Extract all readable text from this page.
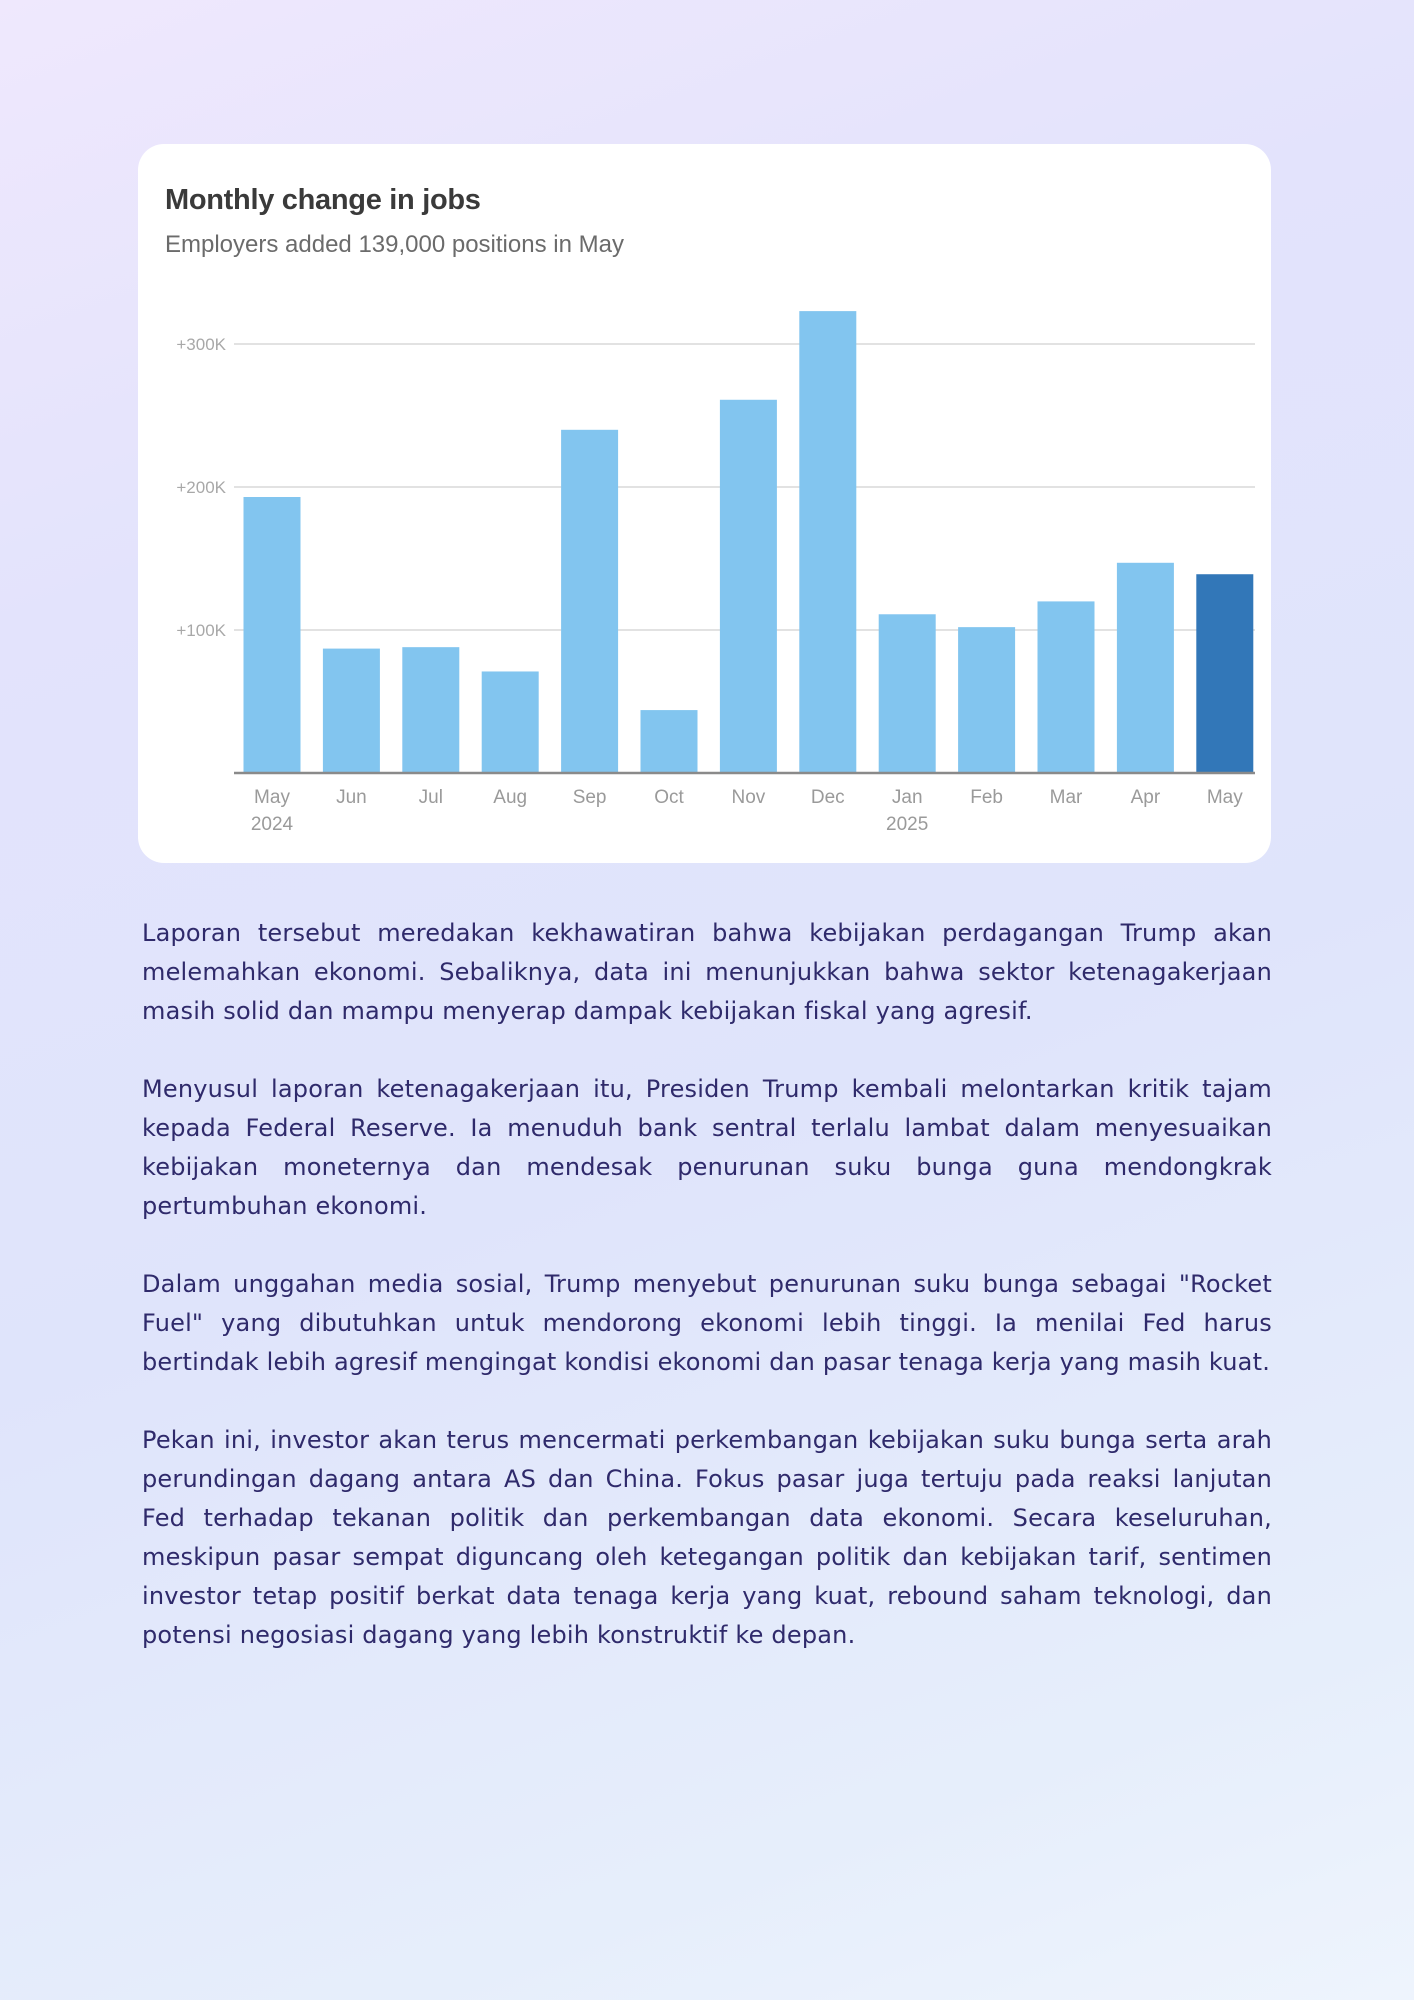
Monthly change in jobs

Employers added 139,000 positions in May

+100K
+200K
+300K
May
2024
Jun	Jul	Aug Sep	Oct	Nov Dec Jan
2025
Feb Mar	Apr May

Laporan tersebut meredakan kekhawatiran bahwa kebijakan perdagangan Trump akan melemahkan ekonomi. Sebaliknya, data ini menunjukkan bahwa sektor ketenagakerjaan masih solid dan mampu menyerap dampak kebijakan fiskal yang agresif.

Menyusul laporan ketenagakerjaan itu, Presiden Trump kembali melontarkan kritik tajam kepada Federal Reserve. Ia menuduh bank sentral terlalu lambat dalam menyesuaikan kebijakan moneternya dan mendesak penurunan suku bunga guna mendongkrak pertumbuhan ekonomi.

Dalam unggahan media sosial, Trump menyebut penurunan suku bunga sebagai "Rocket Fuel" yang dibutuhkan untuk mendorong ekonomi lebih tinggi. Ia menilai Fed harus bertindak lebih agresif mengingat kondisi ekonomi dan pasar tenaga kerja yang masih kuat.

Pekan ini, investor akan terus mencermati perkembangan kebijakan suku bunga serta arah perundingan dagang antara AS dan China. Fokus pasar juga tertuju pada reaksi lanjutan Fed terhadap tekanan politik dan perkembangan data ekonomi. Secara keseluruhan, meskipun pasar sempat diguncang oleh ketegangan politik dan kebijakan tarif, sentimen investor tetap positif berkat data tenaga kerja yang kuat, rebound saham teknologi, dan potensi negosiasi dagang yang lebih konstruktif ke depan.
